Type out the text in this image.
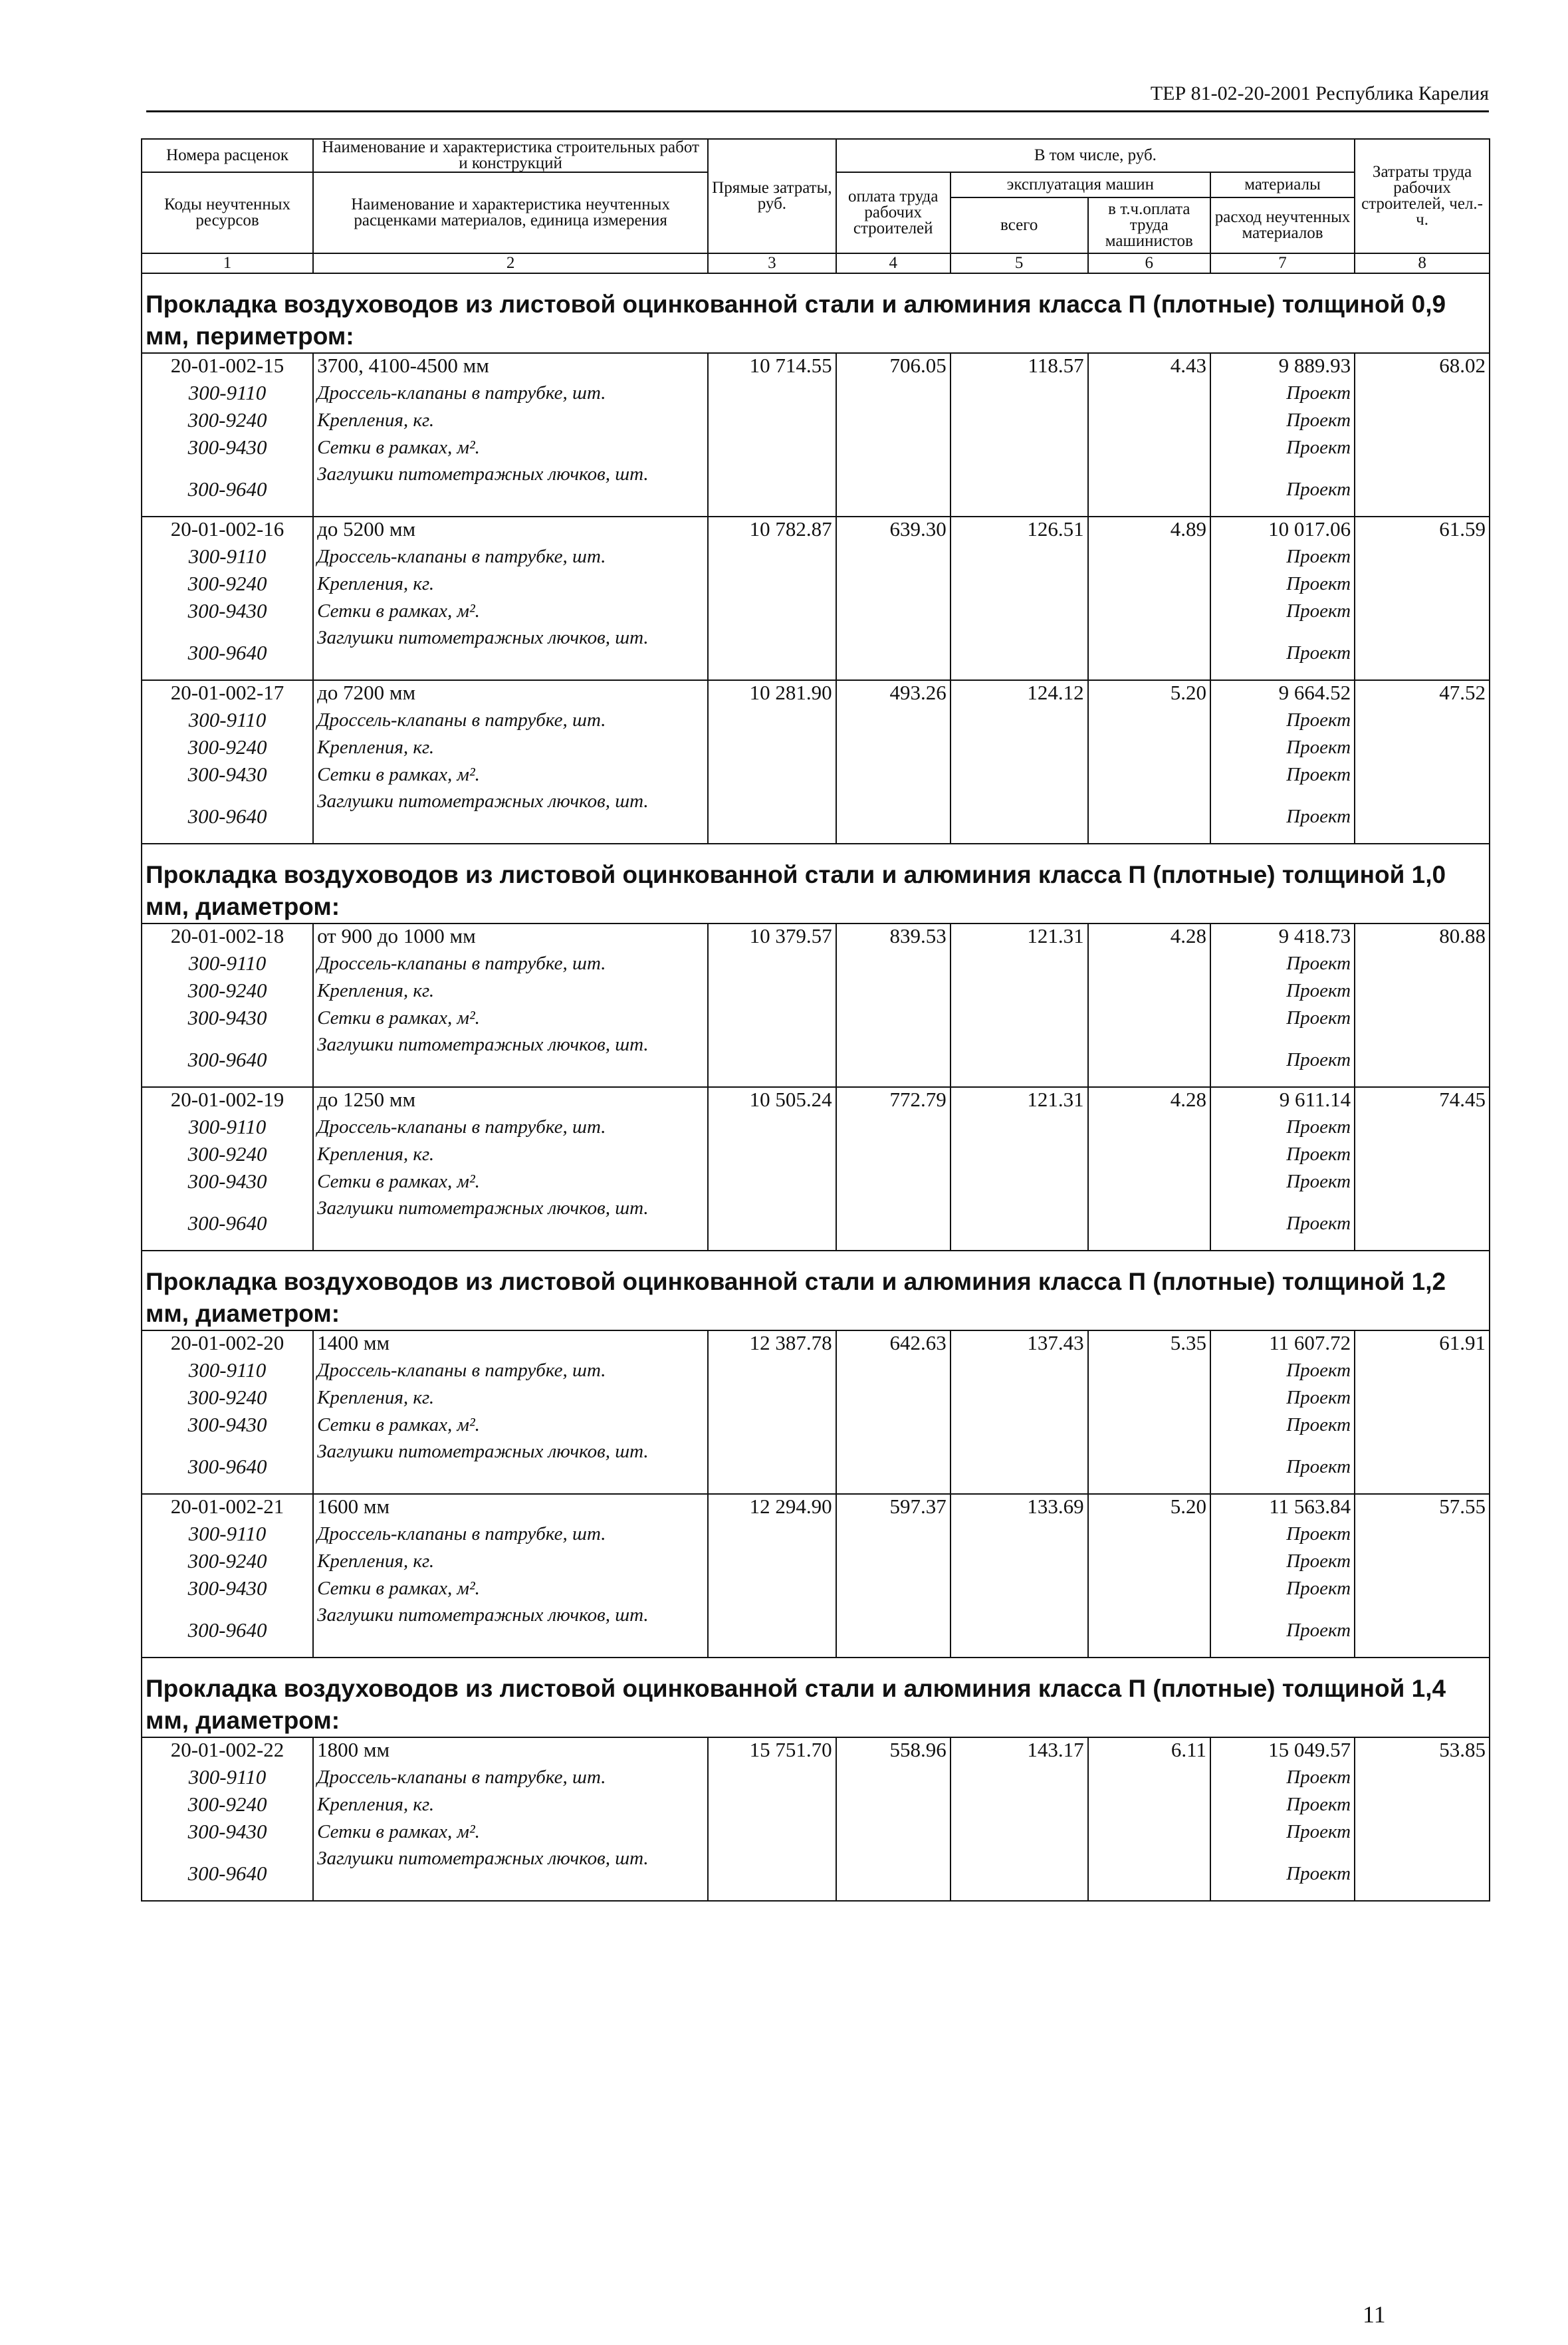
ТЕР 81-02-20-2001 Республика Карелия
Номера расценок	Наименование и характеристика строительных работ и конструкций	Прямые затраты, руб.	В том числе, руб.				Затраты труда рабочих строителей, чел.-ч.
Коды неучтенных ресурсов	Наименование и характеристика неучтенных расценками материалов, единица измерения		оплата труда рабочих строителей	эксплуатация машин		материалы	
				всего	в т.ч.оплата труда машинистов	расход неучтенных материалов	
1	2	3	4	5	6	7	8

Прокладка воздуховодов из листовой оцинкованной стали и алюминия класса П (плотные) толщиной 0,9 мм, периметром:							

20-01-002-15	3700, 4100-4500 мм	10 714.55	706.05	118.57	4.43	9 889.93	68.02
300-9110	Дроссель-клапаны в патрубке, шт.					Проект	
300-9240	Крепления, кг.					Проект	
300-9430	Сетки в рамках, м².					Проект	
300-9640	Заглушки питометражных лючков, шт.					Проект	
20-01-002-16	до 5200 мм	10 782.87	639.30	126.51	4.89	10 017.06	61.59
300-9110	Дроссель-клапаны в патрубке, шт.					Проект	
300-9240	Крепления, кг.					Проект	
300-9430	Сетки в рамках, м².					Проект	
300-9640	Заглушки питометражных лючков, шт.					Проект	
20-01-002-17	до 7200 мм	10 281.90	493.26	124.12	5.20	9 664.52	47.52
300-9110	Дроссель-клапаны в патрубке, шт.					Проект	
300-9240	Крепления, кг.					Проект	
300-9430	Сетки в рамках, м².					Проект	
300-9640	Заглушки питометражных лючков, шт.					Проект	

Прокладка воздуховодов из листовой оцинкованной стали и алюминия класса П (плотные) толщиной 1,0 мм, диаметром:							

20-01-002-18	от 900 до 1000 мм	10 379.57	839.53	121.31	4.28	9 418.73	80.88
300-9110	Дроссель-клапаны в патрубке, шт.					Проект	
300-9240	Крепления, кг.					Проект	
300-9430	Сетки в рамках, м².					Проект	
300-9640	Заглушки питометражных лючков, шт.					Проект	
20-01-002-19	до 1250 мм	10 505.24	772.79	121.31	4.28	9 611.14	74.45
300-9110	Дроссель-клапаны в патрубке, шт.					Проект	
300-9240	Крепления, кг.					Проект	
300-9430	Сетки в рамках, м².					Проект	
300-9640	Заглушки питометражных лючков, шт.					Проект	

Прокладка воздуховодов из листовой оцинкованной стали и алюминия класса П (плотные) толщиной 1,2 мм, диаметром:							

20-01-002-20	1400 мм	12 387.78	642.63	137.43	5.35	11 607.72	61.91
300-9110	Дроссель-клапаны в патрубке, шт.					Проект	
300-9240	Крепления, кг.					Проект	
300-9430	Сетки в рамках, м².					Проект	
300-9640	Заглушки питометражных лючков, шт.					Проект	
20-01-002-21	1600 мм	12 294.90	597.37	133.69	5.20	11 563.84	57.55
300-9110	Дроссель-клапаны в патрубке, шт.					Проект	
300-9240	Крепления, кг.					Проект	
300-9430	Сетки в рамках, м².					Проект	
300-9640	Заглушки питометражных лючков, шт.					Проект	

Прокладка воздуховодов из листовой оцинкованной стали и алюминия класса П (плотные) толщиной 1,4 мм, диаметром:							

20-01-002-22	1800 мм	15 751.70	558.96	143.17	6.11	15 049.57	53.85
300-9110	Дроссель-клапаны в патрубке, шт.					Проект	
300-9240	Крепления, кг.					Проект	
300-9430	Сетки в рамках, м².					Проект	
300-9640	Заглушки питометражных лючков, шт.					Проект	
11
